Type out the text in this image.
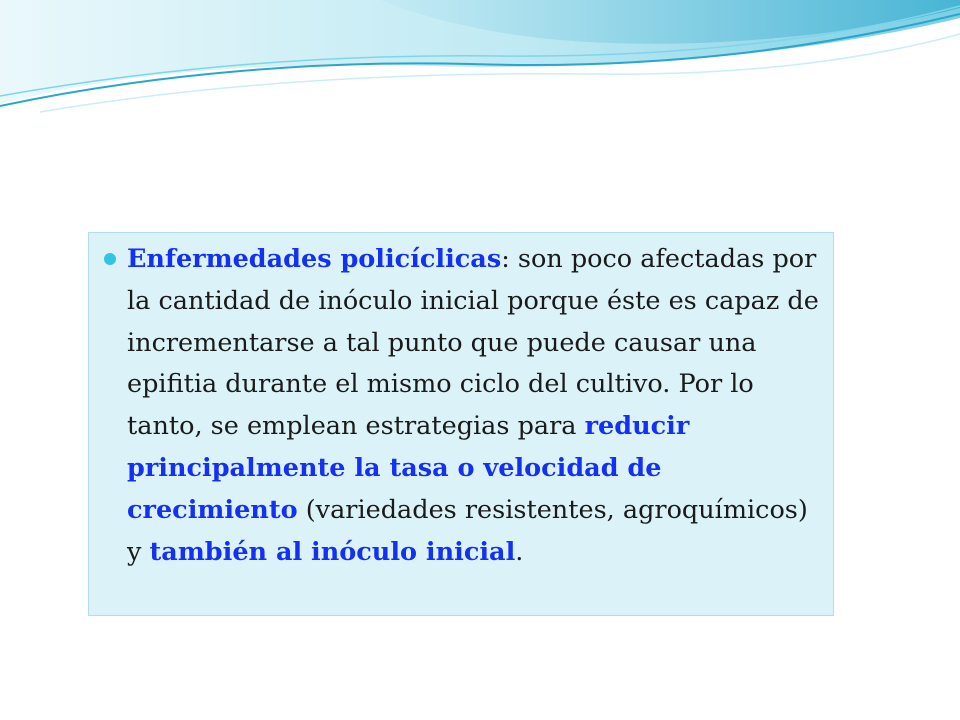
Enfermedades policíclicas: son poco afectadas por la cantidad de inóculo inicial porque éste es capaz de incrementarse a tal punto que puede causar una epifitia durante el mismo ciclo del cultivo. Por lo tanto, se emplean estrategias para reducir principalmente la tasa o velocidad de crecimiento (variedades resistentes, agroquímicos) y también al inóculo inicial.
